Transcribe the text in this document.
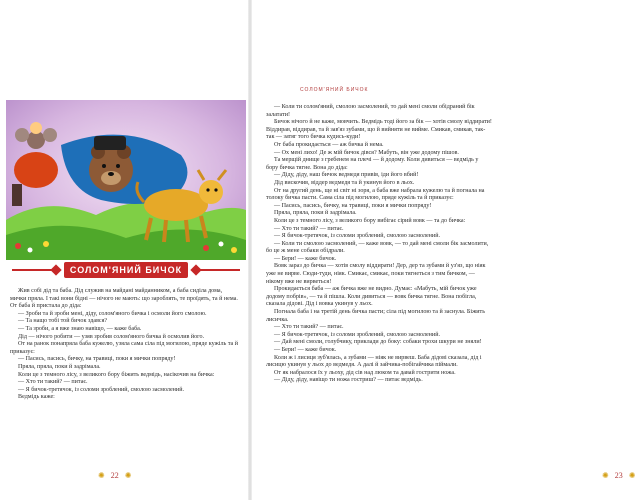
СОЛОМ'ЯНИЙ БИЧОК

Жив собі дід та баба. Дід служив на майдані майданником, а баба сиділа дома, мички пряла. І такі вони бідні — нічого не мають: що зароблять, те проїдять, та й нема. От баба й пристала до діда:

— Зроби та й зроби мені, діду, солом'яного бичка і осмоли його смолою.

— Та нащо тобі той бичок здався?

— Та зроби, а я вже знаю навіщо, — каже баба.

Дід — нічого робити — узяв зробив солом'яного бичка й осмолив його.

От на ранок понапряла баба кужелю, узяла сама сіла під могилою, пряде кужіль та й приказує:

— Пасись, пасись, бичку, на травиці, поки я мички попряду!

Пряла, пряла, поки й задрімала.

Коли це з темного лісу, з великого бору біжить ведмідь, насікочив на бичка:

— Хто ти такий? — питає.

— Я бичок-третячок, із соломи зроблений, смолою засмолений.

Ведмідь каже:

✺ 22 ✺

— Коли ти солом'яний, смолою засмолений, то дай мені смоли обідраний бік залатати!

Бичок нічого й не каже, мовчить. Ведмідь тоді його за бік — хотів смолу віддирати! Віддирав, віддирав, та й зав'яз зубами, що й вийняти не вийме. Смикав, смикав, так-так — затяг того бичка кудись-куди!

От баба прокидається — аж бичка й нема.

— Ох мені лихо! Де ж мій бичок дівся? Мабуть, він уже додому пішов.

Та мерщій днище з гребенем на плечі — й додому. Коли дивиться — ведмідь у бору бичка тягне. Вона до діда:

— Діду, діду, наш бичок ведмедя привів, іди його вбий!

Дід вискочив, віддер ведмедя та й укинув його в льох.

От на другий день, ще ні світ ні зоря, а баба вже набрала кужелю та й погнала на толоку бичка пасти. Сама сіла під могилою, пряде кужіль та й приказує:

— Пасись, пасись, бичку, на травиці, поки я мички попряду!

Пряла, пряла, поки й задрімала.

Коли це з темного лісу, з великого бору вибігає сірий вовк — та до бичка:

— Хто ти такий? — питає.

— Я бичок-третячок, із соломи зроблений, смолою засмолений.

— Коли ти смолою засмолений, — каже вовк, — то дай мені смоли бік засмолити, бо це ж мене собаки обідрали.

— Бери! — каже бичок.

Вовк зараз до бичка — хотів смолу віддирати! Дер, дер та зубами й уз'яз, що ніяк уже не вирве. Сюди-туди, ніяк. Смикає, смикає, поки тягнеться з тим бичком, — нікому вже не вирветься!

Прокидається баба — аж бичка вже не видно. Думає: «Мабуть, мій бичок уже додому побрів», — та й пішла. Коли дивиться — вовк бичка тягне. Вона побігла, сказала дідові. Дід і вовка укинув у льох.

Погнала баба і на третій день бичка пасти; сіла під могилою та й заснула. Біжить лисичка.

— Хто ти такий? — питає.

— Я бичок-третячок, із соломи зроблений, смолою засмолений.

— Дай мені смоли, голубчику, приклади до боку: собаки трохи шкури не зняли!

— Бери! — каже бичок.

Коли ж і лисиця зуб'ялась, а зубами — ніяк не вирвеш. Баба дідові сказала, дід і лисицю укинув у льох до ведмедя. А далі й зайчика-побігайчика піймали.

От як набралося їх у льоху, дід сів над люком та давай гострити ножа.

— Діду, діду, навіщо ти ножа гостриш? — питає ведмідь.

✺ 23 ✺
СОЛОМ'ЯНИЙ БИЧОК
